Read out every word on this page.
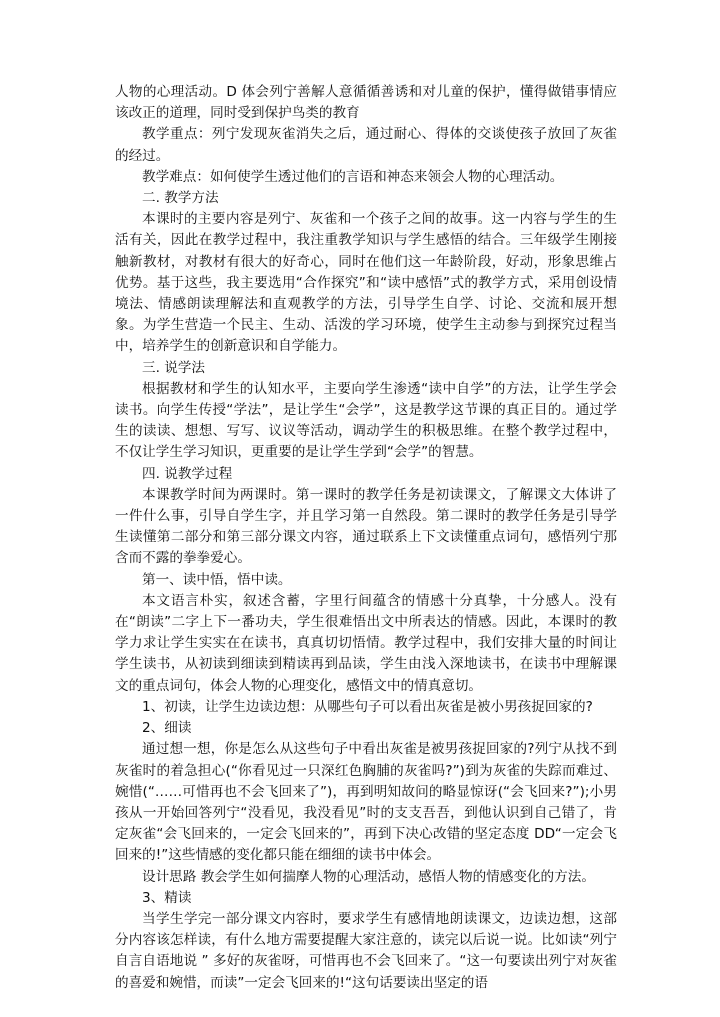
人物的心理活动。D 体会列宁善解人意循循善诱和对儿童的保护，懂得做错事情应该改正的道理，同时受到保护鸟类的教育

教学重点：列宁发现灰雀消失之后，通过耐心、得体的交谈使孩子放回了灰雀的经过。

教学难点：如何使学生透过他们的言语和神态来领会人物的心理活动。

二. 教学方法

本课时的主要内容是列宁、灰雀和一个孩子之间的故事。这一内容与学生的生活有关，因此在教学过程中，我注重教学知识与学生感悟的结合。三年级学生刚接触新教材，对教材有很大的好奇心，同时在他们这一年龄阶段，好动，形象思维占优势。基于这些，我主要选用“合作探究”和“读中感悟”式的教学方式，采用创设情境法、情感朗读理解法和直观教学的方法，引导学生自学、讨论、交流和展开想象。为学生营造一个民主、生动、活泼的学习环境，使学生主动参与到探究过程当中，培养学生的创新意识和自学能力。

三. 说学法

根据教材和学生的认知水平，主要向学生渗透“读中自学”的方法，让学生学会读书。向学生传授“学法”，是让学生“会学”，这是教学这节课的真正目的。通过学生的读读、想想、写写、议议等活动，调动学生的积极思维。在整个教学过程中，不仅让学生学习知识，更重要的是让学生学到“会学”的智慧。

四. 说教学过程

本课教学时间为两课时。第一课时的教学任务是初读课文，了解课文大体讲了一件什么事，引导自学生字，并且学习第一自然段。第二课时的教学任务是引导学生读懂第二部分和第三部分课文内容，通过联系上下文读懂重点词句，感悟列宁那含而不露的拳拳爱心。

第一、读中悟，悟中读。

本文语言朴实，叙述含蓄，字里行间蕴含的情感十分真挚，十分感人。没有在“朗读”二字上下一番功夫，学生很难悟出文中所表达的情感。因此，本课时的教学力求让学生实实在在读书，真真切切悟情。教学过程中，我们安排大量的时间让学生读书，从初读到细读到精读再到品读，学生由浅入深地读书，在读书中理解课文的重点词句，体会人物的心理变化，感悟文中的情真意切。

1、初读，让学生边读边想：从哪些句子可以看出灰雀是被小男孩捉回家的?

2、细读

通过想一想，你是怎么从这些句子中看出灰雀是被男孩捉回家的?列宁从找不到灰雀时的着急担心(“你看见过一只深红色胸脯的灰雀吗?”)到为灰雀的失踪而难过、婉惜(“……可惜再也不会飞回来了”)，再到明知故问的略显惊讶(“会飞回来?”);小男孩从一开始回答列宁“没看见，我没看见”时的支支吾吾，到他认识到自己错了，肯定灰雀“会飞回来的，一定会飞回来的”，再到下决心改错的坚定态度 DD“一定会飞回来的!”这些情感的变化都只能在细细的读书中体会。

设计思路 教会学生如何揣摩人物的心理活动，感悟人物的情感变化的方法。

3、精读

当学生学完一部分课文内容时，要求学生有感情地朗读课文，边读边想，这部分内容该怎样读，有什么地方需要提醒大家注意的，读完以后说一说。比如读“列宁自言自语地说 ” 多好的灰雀呀，可惜再也不会飞回来了。“这一句要读出列宁对灰雀的喜爱和婉惜，而读”一定会飞回来的!“这句话要读出坚定的语
